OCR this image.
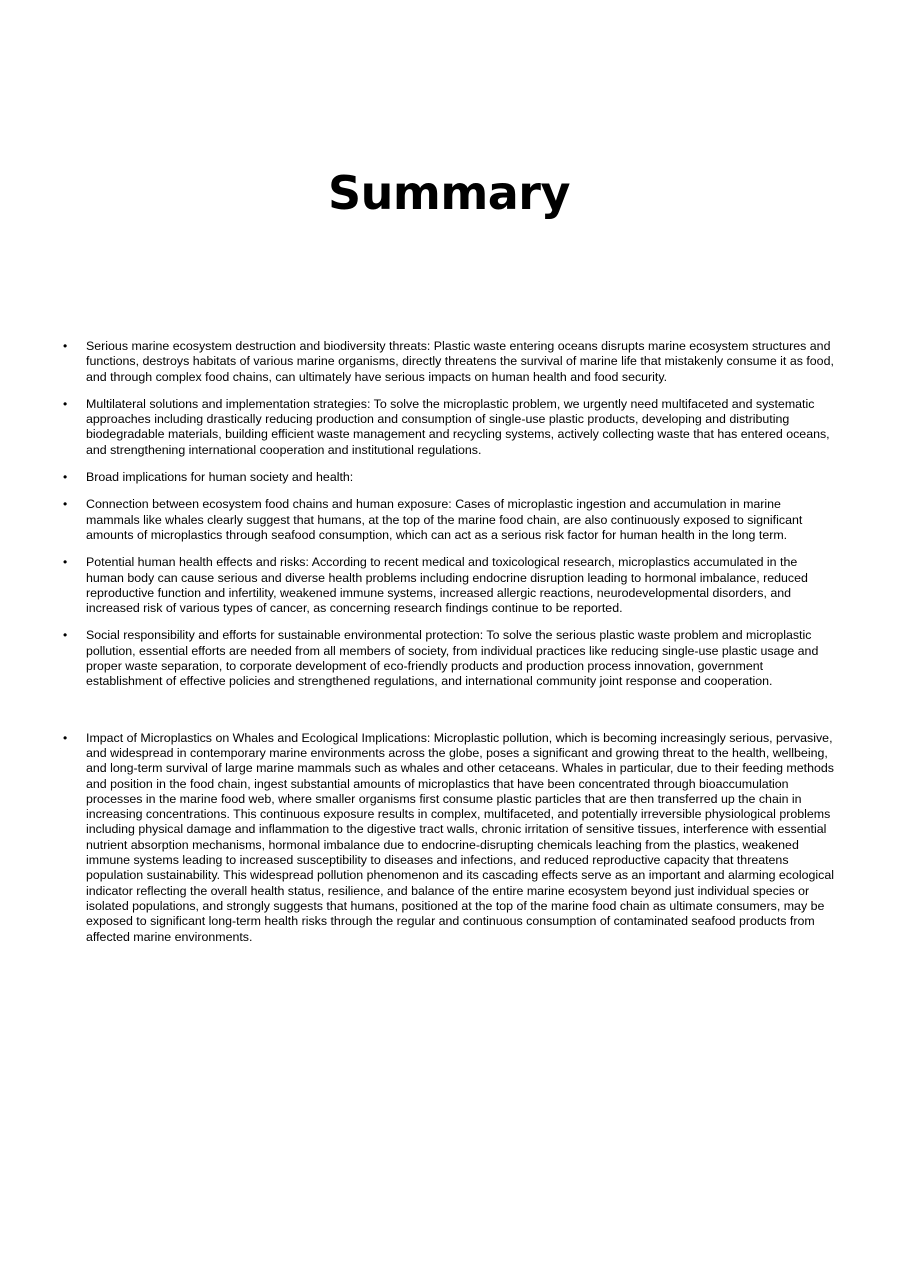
Summary
• Serious marine ecosystem destruction and biodiversity threats: Plastic waste entering oceans disrupts marine ecosystem structures and functions, destroys habitats of various marine organisms, directly threatens the survival of marine life that mistakenly consume it as food, and through complex food chains, can ultimately have serious impacts on human health and food security.
• Multilateral solutions and implementation strategies: To solve the microplastic problem, we urgently need multifaceted and systematic approaches including drastically reducing production and consumption of single-use plastic products, developing and distributing biodegradable materials, building efficient waste management and recycling systems, actively collecting waste that has entered oceans, and strengthening international cooperation and institutional regulations.
• Broad implications for human society and health:
• Connection between ecosystem food chains and human exposure: Cases of microplastic ingestion and accumulation in marine mammals like whales clearly suggest that humans, at the top of the marine food chain, are also continuously exposed to significant amounts of microplastics through seafood consumption, which can act as a serious risk factor for human health in the long term.
• Potential human health effects and risks: According to recent medical and toxicological research, microplastics accumulated in the human body can cause serious and diverse health problems including endocrine disruption leading to hormonal imbalance, reduced reproductive function and infertility, weakened immune systems, increased allergic reactions, neurodevelopmental disorders, and increased risk of various types of cancer, as concerning research findings continue to be reported.
• Social responsibility and efforts for sustainable environmental protection: To solve the serious plastic waste problem and microplastic pollution, essential efforts are needed from all members of society, from individual practices like reducing single-use plastic usage and proper waste separation, to corporate development of eco-friendly products and production process innovation, government establishment of effective policies and strengthened regulations, and international community joint response and cooperation.
• Impact of Microplastics on Whales and Ecological Implications: Microplastic pollution, which is becoming increasingly serious, pervasive, and widespread in contemporary marine environments across the globe, poses a significant and growing threat to the health, wellbeing, and long-term survival of large marine mammals such as whales and other cetaceans. Whales in particular, due to their feeding methods and position in the food chain, ingest substantial amounts of microplastics that have been concentrated through bioaccumulation processes in the marine food web, where smaller organisms first consume plastic particles that are then transferred up the chain in increasing concentrations. This continuous exposure results in complex, multifaceted, and potentially irreversible physiological problems including physical damage and inflammation to the digestive tract walls, chronic irritation of sensitive tissues, interference with essential nutrient absorption mechanisms, hormonal imbalance due to endocrine-disrupting chemicals leaching from the plastics, weakened immune systems leading to increased susceptibility to diseases and infections, and reduced reproductive capacity that threatens population sustainability. This widespread pollution phenomenon and its cascading effects serve as an important and alarming ecological indicator reflecting the overall health status, resilience, and balance of the entire marine ecosystem beyond just individual species or isolated populations, and strongly suggests that humans, positioned at the top of the marine food chain as ultimate consumers, may be exposed to significant long-term health risks through the regular and continuous consumption of contaminated seafood products from affected marine environments.
